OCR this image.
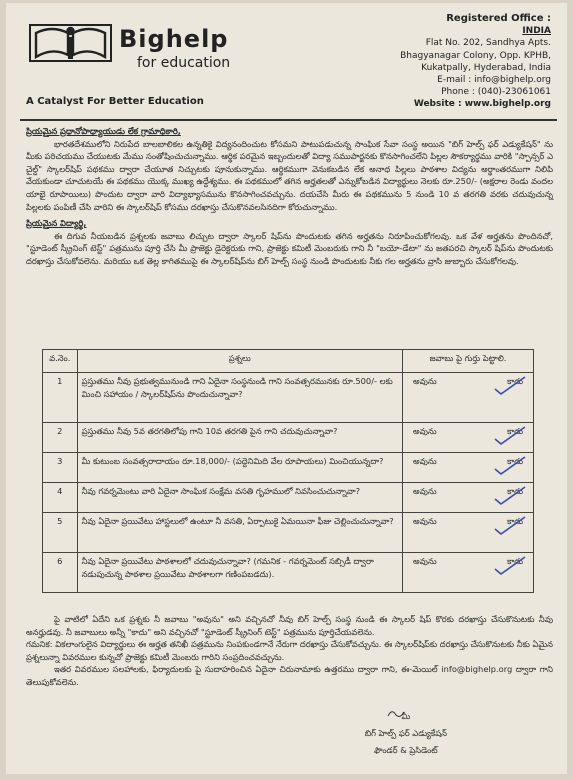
Bighelp
for education
A Catalyst For Better Education
Registered Office :
INDIA
Flat No. 202, Sandhya Apts.
Bhagyanagar Colony, Opp. KPHB,
Kukatpally, Hyderabad, India
E-mail : info@bighelp.org
Phone : (040)-23061061
Website : www.bighelp.org

ప్రియమైన ప్రధానోపాధ్యాయుడు లేక గ్రామాధికారి,

భారతదేశములోని నిరుపేద బాలబాలికల ఉన్నతికై విద్యనందించుట కోసమని పాటుపడుచున్న సాంఘిక సేవా సంస్థ అయిన "బిగ్ హెల్ప్ ఫర్ ఎడ్యుకేషన్" ను మీకు పరిచయము చేయుటకు మేము సంతోషించుచున్నాము. ఆర్థిక పరమైన ఇబ్బందులతో విద్యా సముపార్జనకు కొనసాగించలేని పిల్లల సౌకర్యార్థము వారికి "స్పాన్సర్ ఎ చైల్డ్" స్కాలర్‌షిప్ పథకము ద్వారా చేయూత నిచ్చుటకు పూనుకున్నాము. ఆర్థికముగా వెనుకబడిన లేక అనాధ పిల్లలు పాఠశాల విద్యను అర్థాంతరముగా నిలిపి వేయకుండా చూచుటయే ఈ పథకము యొక్క ముఖ్య ఉద్దేశ్యము. ఈ పథకములో తగిన అర్హతలతో ఎన్నుకోబడిన విద్యార్థులు నెలకు రూ.250/- (అక్షరాల రెండు వందల యాభై రూపాయిలు) పొందుట ద్వారా వారి విద్యాభ్యాసమును కొనసాగించవచ్చును. దయచేసి మీరు ఈ పథకమును 5 నుండి 10 వ తరగతి వరకు చదువుచున్న పిల్లలకు పంపిణీ చేసి వారిని ఈ స్కాలర్‌షిప్ కోసము దరఖాస్తు చేసుకొనవలసినదిగా కోరుచున్నాము.

ప్రియమైన విద్యార్థి,

ఈ దిగువ నీయబడిన ప్రశ్నలకు జవాబు లిచ్చుట ద్వారా స్కాలర్ షిప్‌ను పొందుటకు తగిన అర్హతను నిరూపించుకోగలవు. ఒక వేళ అర్హతను పొందినచో, "స్టూడెంట్ స్క్రీనింగ్ టెస్ట్" పత్రమును పూర్తి చేసి మీ ప్రాజెక్టు డైరెక్టరుకు గాని, ప్రాజెక్టు కమిటీ మెంబరుకు గాని నీ "బయో-డేటా" ను జతపరచి స్కాలర్ షిప్‌ను పొందుటకు దరఖాస్తు చేసుకోవలెను. మరియు ఒక తెల్ల కాగితముపై ఈ స్కాలర్‌షిప్‌ను బిగ్ హెల్ప్ సంస్థ నుండి పొందుటకు నీకు గల అర్హతను వ్రాసి జుబ్బారు చేసుకోగలవు.

వ.నెం.	ప్రశ్నలు	జవాబు పై గుర్తు పెట్టాలి.
1	ప్రస్తుతము నీవు ప్రభుత్వమునుండి గాని ఏదైనా సంస్థనుండి గాని సంవత్సరమునకు రూ.500/- లకు మించి సహాయం / స్కాలర్‌షిప్‌ను పొందుచున్నావా?	అవును కాదు

2	ప్రస్తుతము నీవు 5వ తరగతిలోపు గాని 10వ తరగతి పైన గాని చదువుచున్నావా?	అవును కాదు

3	మీ కుటుంబ సంవత్సరాదాయం రూ.18,000/- (పద్దెనిమిది వేల రూపాయలు) మించియున్నదా?	అవును కాదు

4	నీవు గవర్నమెంటు వారి ఏదైనా సాంఘిక సంక్షేమ వసతి గృహములో నివసించుచున్నావా?	అవును కాదు

5	నీవు ఏదైనా ప్రయివేటు హాస్టలులో ఉంటూ నీ వసతి, ఏర్పాటుకై ఏమయినా ఫీజు చెల్లించుచున్నావా?	అవును కాదు

6	నీవు ఏదైనా ప్రయివేటు పాఠశాలలో చదువుచున్నావా? (గమనిక - గవర్నమెంట్ సబ్సిడీ ద్వారా నడుపుచున్న పాఠశాల ప్రయివేటు పాఠశాలగా గణింపబడదు).	అవును కాదు

పై వాటిలో ఏదేని ఒక ప్రశ్నకు నీ జవాబు "అవును" అని వచ్చినచో నీవు బిగ్ హెల్ప్ సంస్థ నుండి ఈ స్కాలర్ షిప్ కొరకు దరఖాస్తు చేసుకొనుటకు నీవు అనర్హుడవు. నీ జవాబులు అన్నీ "కాదు" అని వచ్చినచో "స్టూడెంట్ స్క్రీనింగ్ టెస్ట్" పత్రమును పూర్తిచేయవలెను.

గమనిక: వికలాంగులైన విద్యార్థులు ఈ అర్హత తనిఖీ పత్రమును నింపకుండగానే నేరుగా దరఖాస్తు చేసుకోవచ్చును. ఈ స్కాలర్‌షిప్‌కు దరఖాస్తు చేసుకొనుటకు నీకు ఏమైన ప్రశ్నలున్నా వివరముల కున్నచో ప్రాజెక్టు కమిటీ మెంబరు గారిని సంప్రదించవచ్చును.

ఇతర వివరముల సలహాలకు, ఫిర్యాదులకు పై సుదాహరించిన ఏదైనా చిరునామాకు ఉత్తరము ద్వారా గాని, ఈ-మెయిల్ info@bighelp.org ద్వారా గాని తెలుపుకోవలెను.

మీ
బిగ్ హెల్ప్ ఫర్ ఎడ్యుకేషన్
ఫౌండర్ & ప్రెసిడెంట్
